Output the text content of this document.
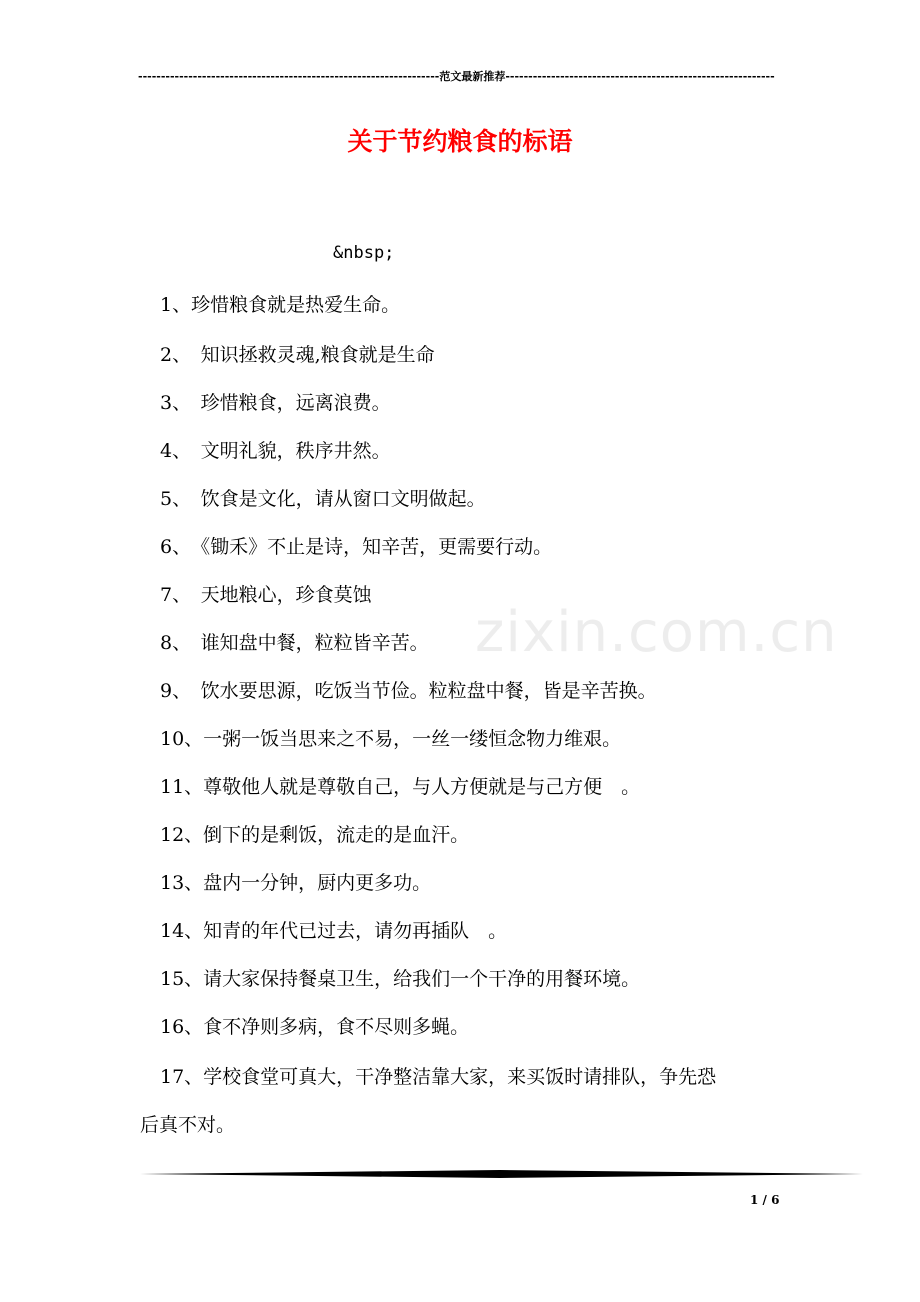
------------------------------------------------------------------范文最新推荐-----------------------------------------------------------
关于节约粮食的标语
&nbsp;
zixin.com.cn
1、珍惜粮食就是热爱生命。
2、　知识拯救灵魂,粮食就是生命
3、　珍惜粮食，远离浪费。
4、　文明礼貌，秩序井然。
5、　饮食是文化，请从窗口文明做起。
6、　《锄禾》不止是诗，知辛苦，更需要行动。
7、　天地粮心，珍食莫蚀
8、　谁知盘中餐，粒粒皆辛苦。
9、　饮水要思源，吃饭当节俭。粒粒盘中餐，皆是辛苦换。
10、一粥一饭当思来之不易，一丝一缕恒念物力维艰。
11、尊敬他人就是尊敬自己，与人方便就是与己方便　。
12、倒下的是剩饭，流走的是血汗。
13、盘内一分钟，厨内更多功。
14、知青的年代已过去，请勿再插队　。
15、请大家保持餐桌卫生，给我们一个干净的用餐环境。
16、食不净则多病，食不尽则多蝇。
17、学校食堂可真大，干净整洁靠大家，来买饭时请排队，争先恐
后真不对。
1 / 6
